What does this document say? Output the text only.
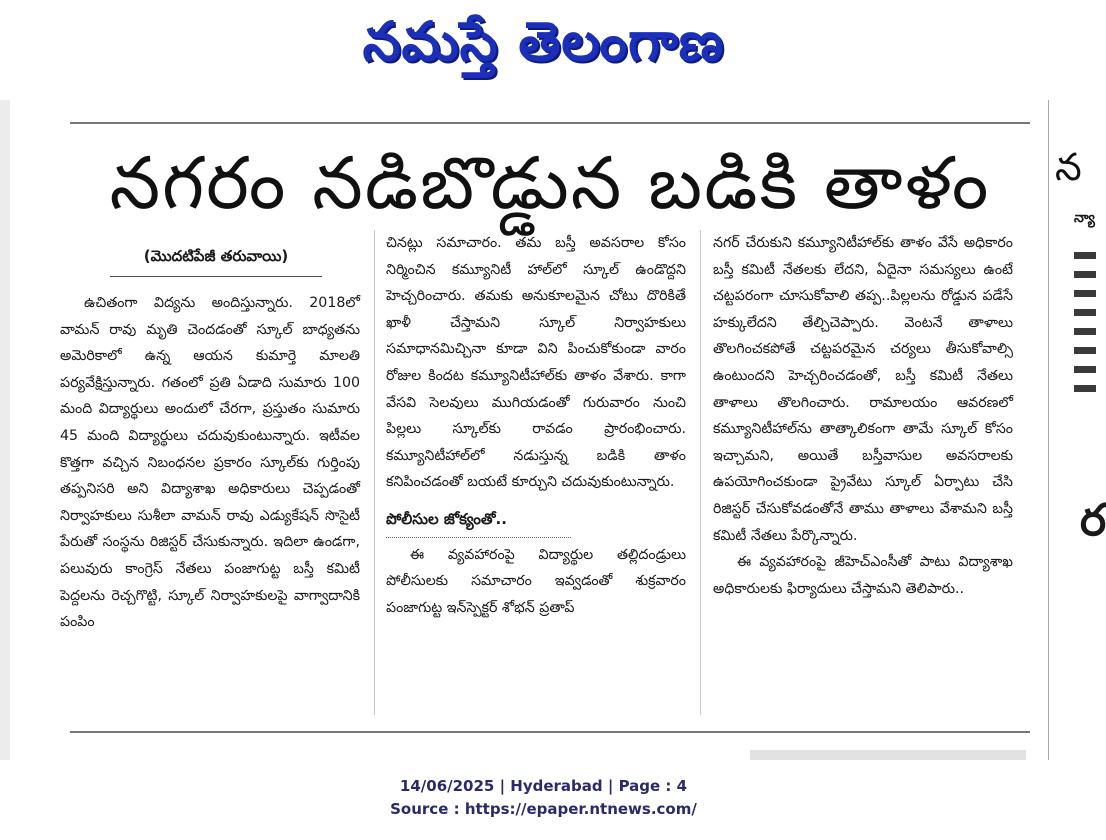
నమస్తే తెలంగాణ
నగరం నడిబొడ్డున బడికి తాళం
(మొదటిపేజీ తరువాయి)

ఉచితంగా విద్యను అందిస్తున్నారు. 2018లో వామన్ రావు మృతి చెందడంతో స్కూల్ బాధ్యతను అమెరికాలో ఉన్న ఆయన కుమార్తె మాలతి పర్యవేక్షిస్తున్నారు. గతంలో ప్రతి ఏడాది సుమారు 100 మంది విద్యార్థులు అందులో చేరగా, ప్రస్తుతం సుమారు 45 మంది విద్యార్థులు చదువుకుంటున్నారు. ఇటీవల కొత్తగా వచ్చిన నిబంధనల ప్రకారం స్కూల్‌కు గుర్తింపు తప్పనిసరి అని విద్యాశాఖ అధికారులు చెప్పడంతో నిర్వాహకులు సుశీలా వామన్ రావు ఎడ్యుకేషన్ సొసైటీ పేరుతో సంస్థను రిజిస్టర్ చేసుకున్నారు. ఇదిలా ఉండగా, పలువురు కాంగ్రెస్ నేతలు పంజాగుట్ట బస్తీ కమిటీ పెద్దలను రెచ్చగొట్టి, స్కూల్ నిర్వాహకులపై వాగ్వాదానికి పంపిం

చినట్లు సమాచారం. తమ బస్తీ అవసరాల కోసం నిర్మించిన కమ్యూనిటీ హాల్‌లో స్కూల్ ఉండొద్దని హెచ్చరించారు. తమకు అనుకూలమైన చోటు దొరికితే ఖాళీ చేస్తామని స్కూల్ నిర్వాహకులు సమాధానమిచ్చినా కూడా విని పించుకోకుండా వారం రోజుల కిందట కమ్యూనిటీహాల్‌కు తాళం వేశారు. కాగా వేసవి సెలవులు ముగియడంతో గురువారం నుంచి పిల్లలు స్కూల్‌కు రావడం ప్రారంభించారు. కమ్యూనిటీహాల్‌లో నడుస్తున్న బడికి తాళం కనిపించడంతో బయటే కూర్చుని చదువుకుంటున్నారు.

పోలీసుల జోక్యంతో..

ఈ వ్యవహారంపై విద్యార్థుల తల్లిదండ్రులు పోలీసులకు సమాచారం ఇవ్వడంతో శుక్రవారం పంజాగుట్ట ఇన్‌స్పెక్టర్ శోభన్ ప్రతాప్

నగర్ చేరుకుని కమ్యూనిటీహాల్‌కు తాళం వేసే అధికారం బస్తీ కమిటీ నేతలకు లేదని, ఏదైనా సమస్యలు ఉంటే చట్టపరంగా చూసుకోవాలి తప్ప..పిల్లలను రోడ్డున పడేసే హక్కులేదని తేల్చిచెప్పారు. వెంటనే తాళాలు తొలగించకపోతే చట్టపరమైన చర్యలు తీసుకోవాల్సి ఉంటుందని హెచ్చరించడంతో, బస్తీ కమిటీ నేతలు తాళాలు తొలగించారు. రామాలయం ఆవరణలో కమ్యూనిటీహాల్‌ను తాత్కాలికంగా తామే స్కూల్ కోసం ఇచ్చామని, అయితే బస్తీవాసుల అవసరాలకు ఉపయోగించకుండా ప్రైవేటు స్కూల్ ఏర్పాటు చేసి రిజిస్టర్ చేసుకోవడంతోనే తాము తాళాలు వేశామని బస్తీ కమిటీ నేతలు పేర్కొన్నారు.

ఈ వ్యవహారంపై జీహెచ్‌ఎంసీతో పాటు విద్యాశాఖ అధికారులకు ఫిర్యాదులు చేస్తామని తెలిపారు..

న
న్యా
ర
14/06/2025 | Hyderabad | Page : 4
Source : https://epaper.ntnews.com/
